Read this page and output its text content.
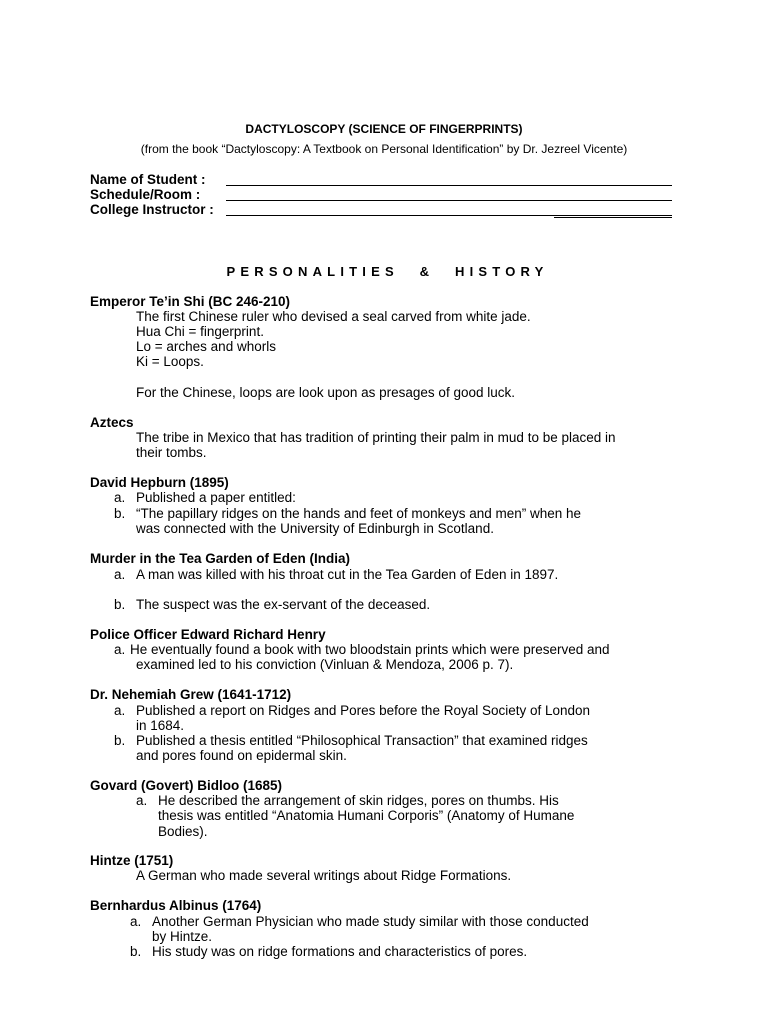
DACTYLOSCOPY (SCIENCE OF FINGERPRINTS)
(from the book “Dactyloscopy: A Textbook on Personal Identification” by Dr. Jezreel Vicente)
Name of Student :
Schedule/Room :
College Instructor :
PERSONALITIES & HISTORY
Emperor Te’in Shi (BC 246-210)
The first Chinese ruler who devised a seal carved from white jade.
Hua Chi = fingerprint.
Lo = arches and whorls
Ki = Loops.
For the Chinese, loops are look upon as presages of good luck.
Aztecs
The tribe in Mexico that has tradition of printing their palm in mud to be placed in
their tombs.
David Hepburn (1895)
a. Published a paper entitled:
b. “The papillary ridges on the hands and feet of monkeys and men” when he
was connected with the University of Edinburgh in Scotland.
Murder in the Tea Garden of Eden (India)
a. A man was killed with his throat cut in the Tea Garden of Eden in 1897.
b. The suspect was the ex-servant of the deceased.
Police Officer Edward Richard Henry
a. He eventually found a book with two bloodstain prints which were preserved and
examined led to his conviction (Vinluan & Mendoza, 2006 p. 7).
Dr. Nehemiah Grew (1641-1712)
a. Published a report on Ridges and Pores before the Royal Society of London
in 1684.
b. Published a thesis entitled “Philosophical Transaction” that examined ridges
and pores found on epidermal skin.
Govard (Govert) Bidloo (1685)
a. He described the arrangement of skin ridges, pores on thumbs. His
thesis was entitled “Anatomia Humani Corporis” (Anatomy of Humane
Bodies).
Hintze (1751)
A German who made several writings about Ridge Formations.
Bernhardus Albinus (1764)
a. Another German Physician who made study similar with those conducted
by Hintze.
b. His study was on ridge formations and characteristics of pores.
